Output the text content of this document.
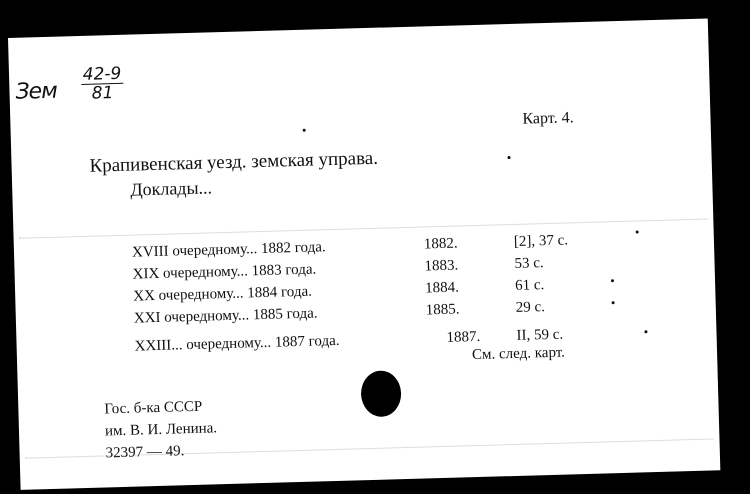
Зем $\frac{42-9}{81}$
Карт. 4.
Крапивенская уезд. земская управа.
Доклады...
XVIII очередному... 1882 года.	1882.	[2], 37 с.
XIX очередному... 1883 года.	1883.	53 с.
XX очередному... 1884 года.	1884.	61 с.
XXI очередному... 1885 года.	1885.	29 с.
XXIII... очередному... 1887 года.	1887. II, 59 с.
См. след. карт.
Гос. б-ка СССР
им. В. И. Ленина.
32397 — 49.
